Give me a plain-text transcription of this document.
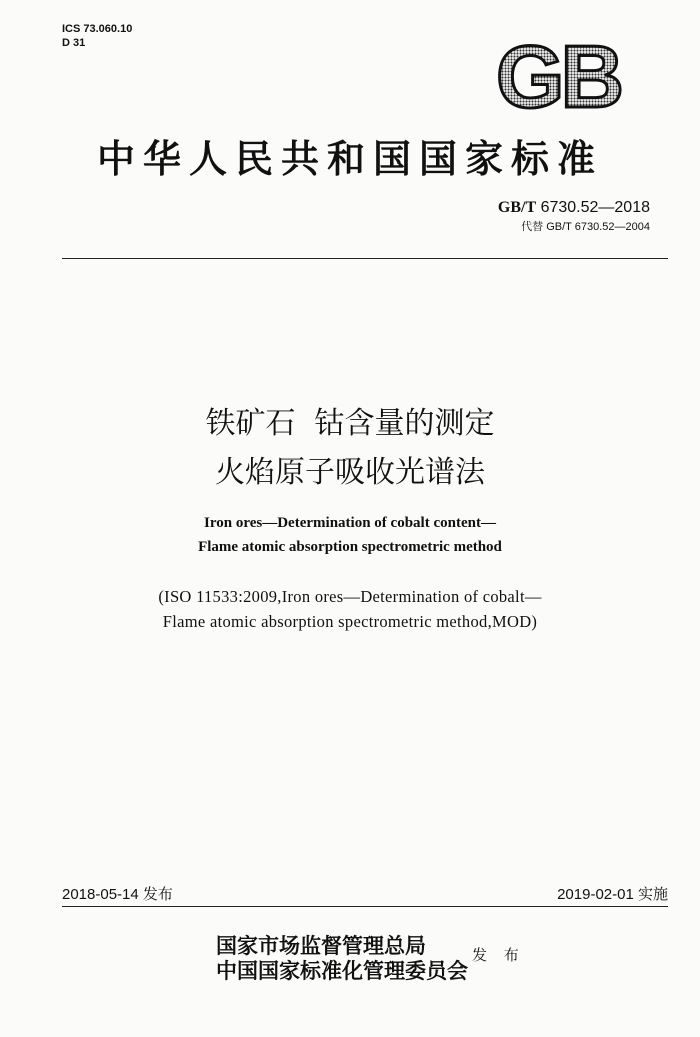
ICS 73.060.10
D 31	GB
中华人民共和国国家标准
GB/T 6730.52—2018
代替 GB/T 6730.52—2004
铁矿石  钴含量的测定
火焰原子吸收光谱法
Iron ores—Determination of cobalt content—
Flame atomic absorption spectrometric method
(ISO 11533:2009,Iron ores—Determination of cobalt—
Flame atomic absorption spectrometric method,MOD)
2018-05-14 发布	2019-02-01 实施
国家市场监督管理总局
中国国家标准化管理委员会
发 布
